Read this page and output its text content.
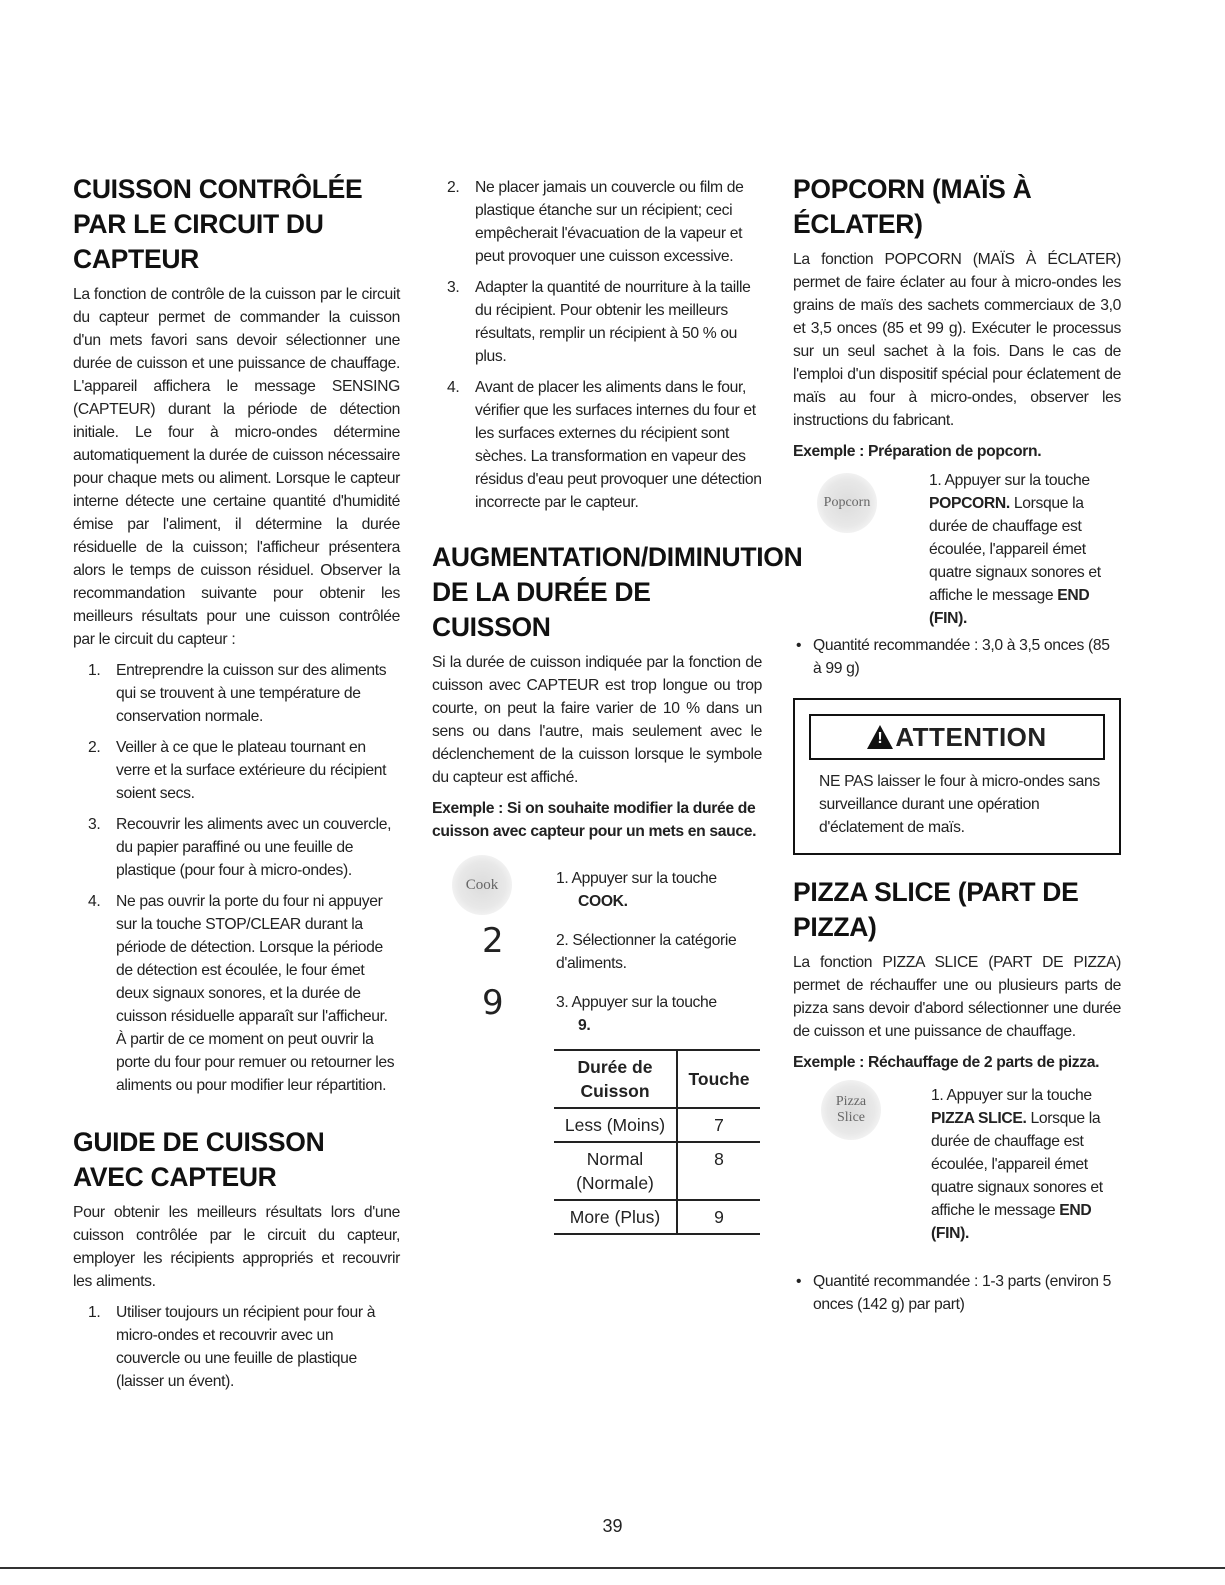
CUISSON CONTRÔLÉE PAR LE CIRCUIT DU CAPTEUR

La fonction de contrôle de la cuisson par le circuit du capteur permet de commander la cuisson d'un mets favori sans devoir sélectionner une durée de cuisson et une puissance de chauffage. L'appareil affichera le message SENSING (CAPTEUR) durant la période de détection initiale. Le four à micro-ondes détermine automatiquement la durée de cuisson nécessaire pour chaque mets ou aliment. Lorsque le capteur interne détecte une certaine quantité d'humidité émise par l'aliment, il détermine la durée résiduelle de la cuisson; l'afficheur présentera alors le temps de cuisson résiduel. Observer la recommandation suivante pour obtenir les meilleurs résultats pour une cuisson contrôlée par le circuit du capteur :

1. Entreprendre la cuisson sur des aliments qui se trouvent à une température de conservation normale.
2. Veiller à ce que le plateau tournant en verre et la surface extérieure du récipient soient secs.
3. Recouvrir les aliments avec un couvercle, du papier paraffiné ou une feuille de plastique (pour four à micro-ondes).
4. Ne pas ouvrir la porte du four ni appuyer sur la touche STOP/CLEAR durant la période de détection. Lorsque la période de détection est écoulée, le four émet deux signaux sonores, et la durée de cuisson résiduelle apparaît sur l'afficheur. À partir de ce moment on peut ouvrir la porte du four pour remuer ou retourner les aliments ou pour modifier leur répartition.
GUIDE DE CUISSON AVEC CAPTEUR

Pour obtenir les meilleurs résultats lors d'une cuisson contrôlée par le circuit du capteur, employer les récipients appropriés et recouvrir les aliments.

1. Utiliser toujours un récipient pour four à micro-ondes et recouvrir avec un couvercle ou une feuille de plastique (laisser un évent).
2. Ne placer jamais un couvercle ou film de plastique étanche sur un récipient; ceci empêcherait l'évacuation de la vapeur et peut provoquer une cuisson excessive.
3. Adapter la quantité de nourriture à la taille du récipient. Pour obtenir les meilleurs résultats, remplir un récipient à 50 % ou plus.
4. Avant de placer les aliments dans le four, vérifier que les surfaces internes du four et les surfaces externes du récipient sont sèches. La transformation en vapeur des résidus d'eau peut provoquer une détection incorrecte par le capteur.
AUGMENTATION/DIMINUTION DE LA DURÉE DE CUISSON

Si la durée de cuisson indiquée par la fonction de cuisson avec CAPTEUR est trop longue ou trop courte, on peut la faire varier de 10 % dans un sens ou dans l'autre, mais seulement avec le déclenchement de la cuisson lorsque le symbole du capteur est affiché.

Exemple : Si on souhaite modifier la durée de cuisson avec capteur pour un mets en sauce.

Cook	1. Appuyer sur la touche
COOK.
2	2. Sélectionner la catégorie d'aliments.
9	3. Appuyer sur la touche
9.
Durée de Cuisson	Touche
Less (Moins)	7
Normal (Normale)	8
More (Plus)	9
POPCORN (MAÏS À ÉCLATER)

La fonction POPCORN (MAÏS À ÉCLATER) permet de faire éclater au four à micro-ondes les grains de maïs des sachets commerciaux de 3,0 et 3,5 onces (85 et 99 g). Exécuter le processus sur un seul sachet à la fois. Dans le cas de l'emploi d'un dispositif spécial pour éclatement de maïs au four à micro-ondes, observer les instructions du fabricant.

Exemple : Préparation de popcorn.

Popcorn
1. Appuyer sur la touche POPCORN. Lorsque la durée de chauffage est écoulée, l'appareil émet quatre signaux sonores et affiche le message END (FIN).
• Quantité recommandée : 3,0 à 3,5 onces (85 à 99 g)
!
ATTENTION

NE PAS laisser le four à micro-ondes sans surveillance durant une opération d'éclatement de maïs.

PIZZA SLICE (PART DE PIZZA)

La fonction PIZZA SLICE (PART DE PIZZA) permet de réchauffer une ou plusieurs parts de pizza sans devoir d'abord sélectionner une durée de cuisson et une puissance de chauffage.

Exemple : Réchauffage de 2 parts de pizza.

Pizza Slice
1. Appuyer sur la touche PIZZA SLICE. Lorsque la durée de chauffage est écoulée, l'appareil émet quatre signaux sonores et affiche le message END (FIN).
• Quantité recommandée : 1-3 parts (environ 5 onces (142 g) par part)
39
